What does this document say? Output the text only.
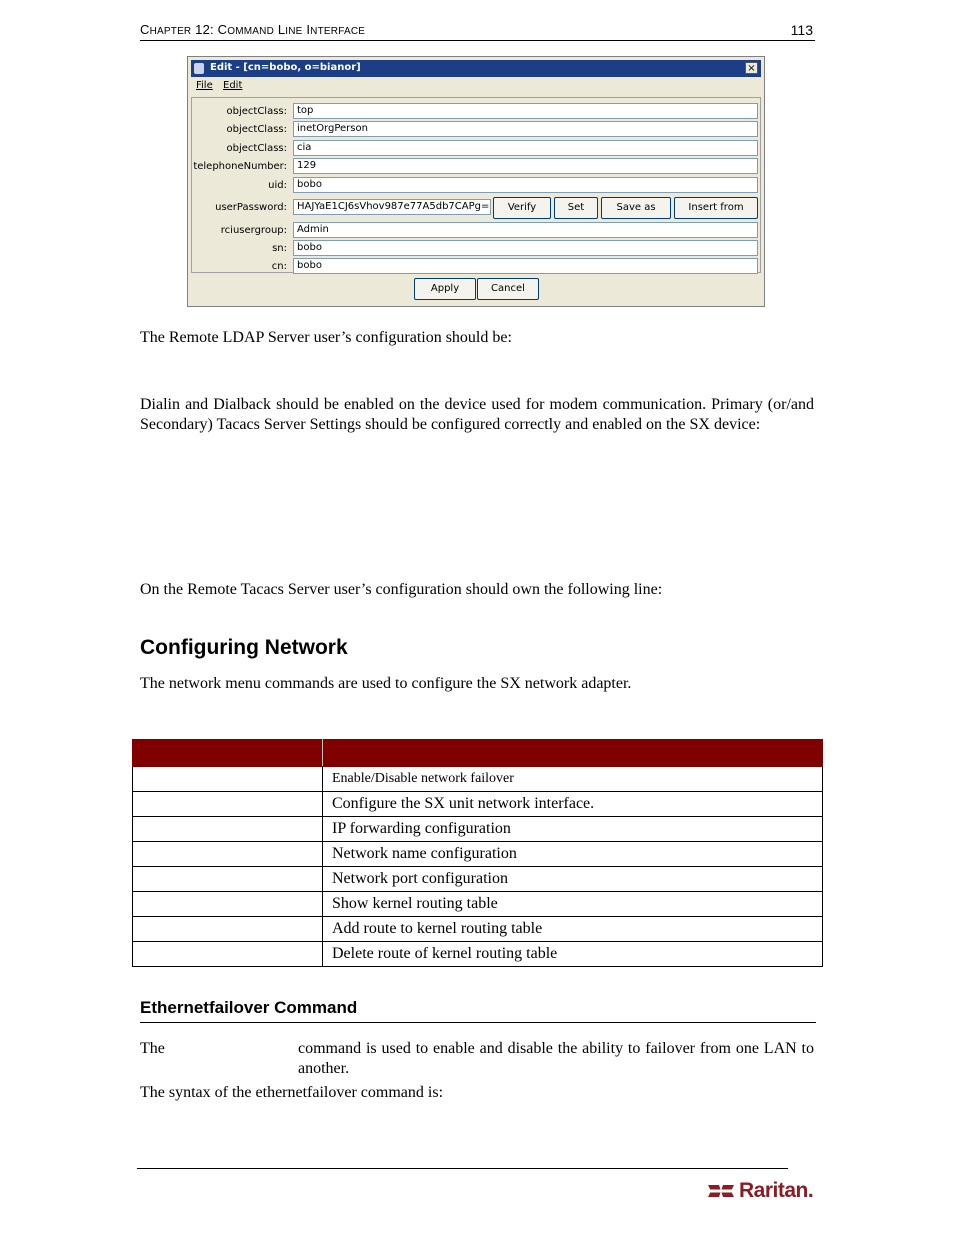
CHAPTER 12: COMMAND LINE INTERFACE	113
Edit - [cn=bobo, o=bianor]	×
File Edit
objectClass:	top
objectClass:	inetOrgPerson
objectClass:	cia
telephoneNumber:	129
uid:	bobo
userPassword:	HAJYaE1CJ6sVhov987e77A5db7CAPg=	Verify	Set	Save as	Insert from
rciusergroup:	Admin
sn:	bobo
cn:	bobo
Apply	Cancel

The Remote LDAP Server user’s configuration should be:

Dialin and Dialback should be enabled on the device used for modem communication. Primary (or/and Secondary) Tacacs Server Settings should be configured correctly and enabled on the SX device:

On the Remote Tacacs Server user’s configuration should own the following line:

Configuring Network

The network menu commands are used to configure the SX network adapter.

	Enable/Disable network failover
	Configure the SX unit network interface.
	IP forwarding configuration
	Network name configuration
	Network port configuration
	Show kernel routing table
	Add route to kernel routing table
	Delete route of kernel routing table
Ethernetfailover Command

The	command is used to enable and disable the ability to failover from one LAN to another.

The syntax of the ethernetfailover command is:

Raritan.
